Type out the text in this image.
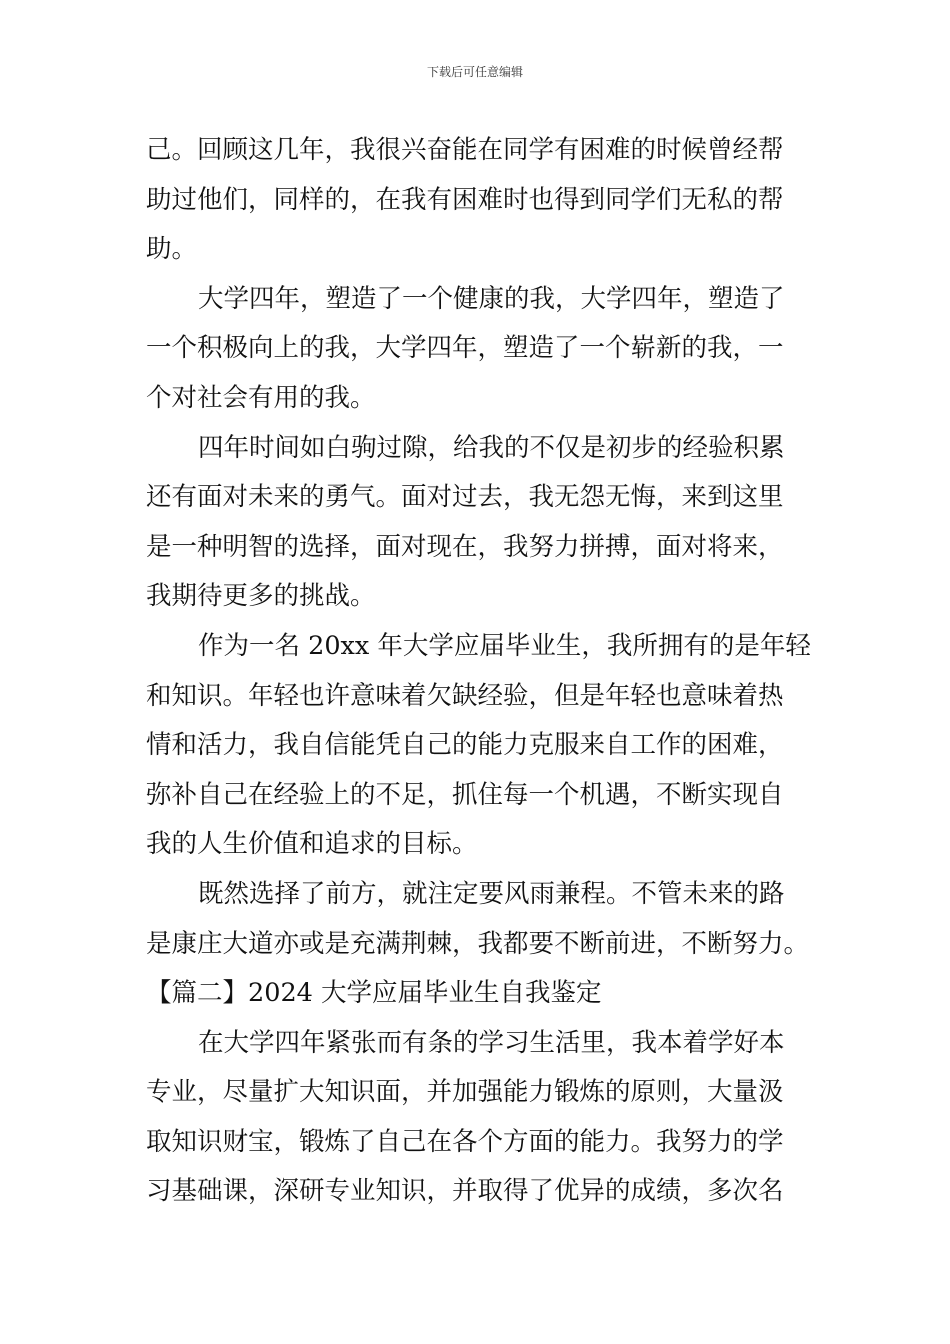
下载后可任意编辑
己。回顾这几年，我很兴奋能在同学有困难的时候曾经帮
助过他们，同样的，在我有困难时也得到同学们无私的帮
助。
大学四年，塑造了一个健康的我，大学四年，塑造了
一个积极向上的我，大学四年，塑造了一个崭新的我，一
个对社会有用的我。
四年时间如白驹过隙，给我的不仅是初步的经验积累
还有面对未来的勇气。面对过去，我无怨无悔，来到这里
是一种明智的选择，面对现在，我努力拼搏，面对将来，
我期待更多的挑战。
作为一名 20xx 年大学应届毕业生，我所拥有的是年轻
和知识。年轻也许意味着欠缺经验，但是年轻也意味着热
情和活力，我自信能凭自己的能力克服来自工作的困难，
弥补自己在经验上的不足，抓住每一个机遇，不断实现自
我的人生价值和追求的目标。
既然选择了前方，就注定要风雨兼程。不管未来的路
是康庄大道亦或是充满荆棘，我都要不断前进，不断努力。
【篇二】2024 大学应届毕业生自我鉴定
在大学四年紧张而有条的学习生活里，我本着学好本
专业，尽量扩大知识面，并加强能力锻炼的原则，大量汲
取知识财宝，锻炼了自己在各个方面的能力。我努力的学
习基础课，深研专业知识，并取得了优异的成绩，多次名
